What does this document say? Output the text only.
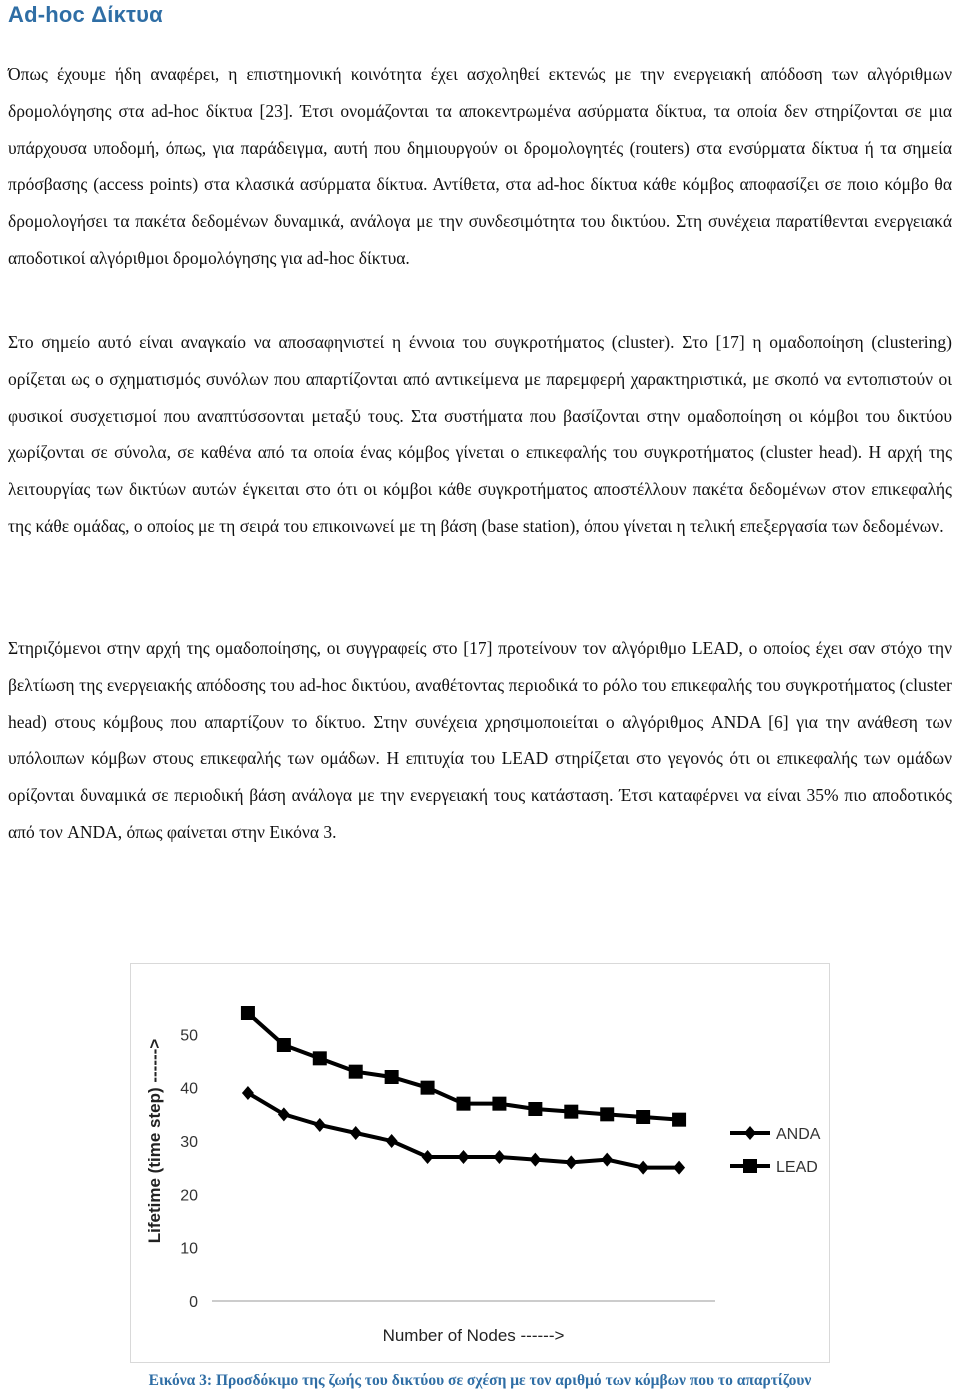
Ad-hoc Δίκτυα

Όπως έχουμε ήδη αναφέρει, η επιστημονική κοινότητα έχει ασχοληθεί εκτενώς με την ενεργειακή απόδοση των αλγόριθμων δρομολόγησης στα ad-hoc δίκτυα [23]. Έτσι ονομάζονται τα αποκεντρωμένα ασύρματα δίκτυα, τα οποία δεν στηρίζονται σε μια υπάρχουσα υποδομή, όπως, για παράδειγμα, αυτή που δημιουργούν οι δρομολογητές (routers) στα ενσύρματα δίκτυα ή τα σημεία πρόσβασης (access points) στα κλασικά ασύρματα δίκτυα. Αντίθετα, στα ad-hoc δίκτυα κάθε κόμβος αποφασίζει σε ποιο κόμβο θα δρομολογήσει τα πακέτα δεδομένων δυναμικά, ανάλογα με την συνδεσιμότητα του δικτύου. Στη συνέχεια παρατίθενται ενεργειακά αποδοτικοί αλγόριθμοι δρομολόγησης για ad-hoc δίκτυα.

Στο σημείο αυτό είναι αναγκαίο να αποσαφηνιστεί η έννοια του συγκροτήματος (cluster). Στο [17] η ομαδοποίηση (clustering) ορίζεται ως ο σχηματισμός συνόλων που απαρτίζονται από αντικείμενα με παρεμφερή χαρακτηριστικά, με σκοπό να εντοπιστούν οι φυσικοί συσχετισμοί που αναπτύσσονται μεταξύ τους. Στα συστήματα που βασίζονται στην ομαδοποίηση οι κόμβοι του δικτύου χωρίζονται σε σύνολα, σε καθένα από τα οποία ένας κόμβος γίνεται ο επικεφαλής του συγκροτήματος (cluster head). Η αρχή της λειτουργίας των δικτύων αυτών έγκειται στο ότι οι κόμβοι κάθε συγκροτήματος αποστέλλουν πακέτα δεδομένων στον επικεφαλής της κάθε ομάδας, ο οποίος με τη σειρά του επικοινωνεί με τη βάση (base station), όπου γίνεται η τελική επεξεργασία των δεδομένων.

Στηριζόμενοι στην αρχή της ομαδοποίησης, οι συγγραφείς στο [17] προτείνουν τον αλγόριθμο LEAD, ο οποίος έχει σαν στόχο την βελτίωση της ενεργειακής απόδοσης του ad-hoc δικτύου, αναθέτοντας περιοδικά το ρόλο του επικεφαλής του συγκροτήματος (cluster head) στους κόμβους που απαρτίζουν το δίκτυο. Στην συνέχεια χρησιμοποιείται ο αλγόριθμος ANDA [6] για την ανάθεση των υπόλοιπων κόμβων στους επικεφαλής των ομάδων. Η επιτυχία του LEAD στηρίζεται στο γεγονός ότι οι επικεφαλής των ομάδων ορίζονται δυναμικά σε περιοδική βάση ανάλογα με την ενεργειακή τους κατάσταση. Έτσι καταφέρνει να είναι 35% πιο αποδοτικός από τον ANDA, όπως φαίνεται στην Εικόνα 3.

0
10
20
30
40
50
Lifetime (time step) ------>
Number of Nodes ------>
ANDA
LEAD
Εικόνα 3: Προσδόκιμο της ζωής του δικτύου σε σχέση με τον αριθμό των κόμβων που το απαρτίζουν
